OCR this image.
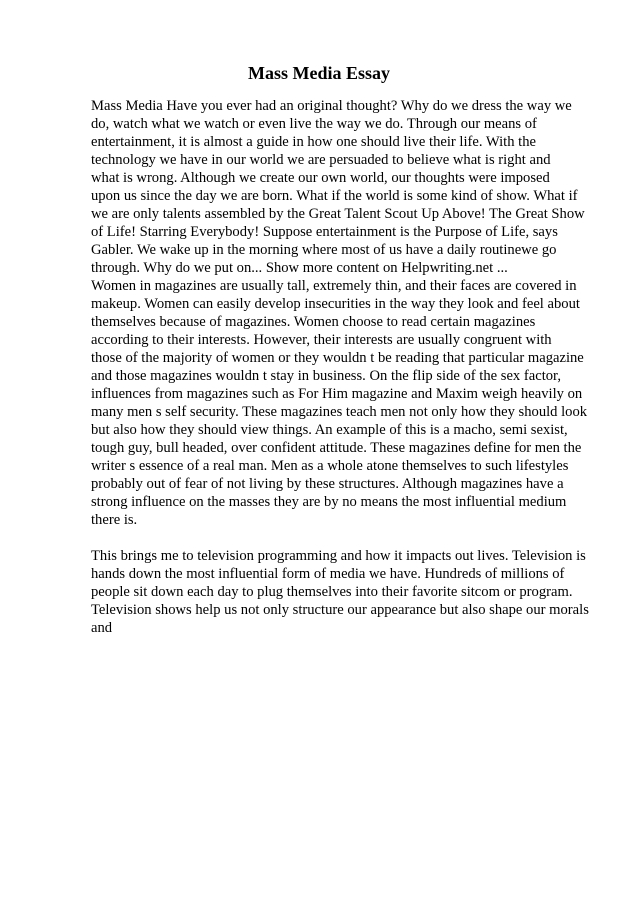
Mass Media Essay
Mass Media Have you ever had an original thought? Why do we dress the way we
do, watch what we watch or even live the way we do. Through our means of
entertainment, it is almost a guide in how one should live their life. With the
technology we have in our world we are persuaded to believe what is right and
what is wrong. Although we create our own world, our thoughts were imposed
upon us since the day we are born. What if the world is some kind of show. What if
we are only talents assembled by the Great Talent Scout Up Above! The Great Show
of Life! Starring Everybody! Suppose entertainment is the Purpose of Life, says
Gabler. We wake up in the morning where most of us have a daily routinewe go
through. Why do we put on... Show more content on Helpwriting.net ...
Women in magazines are usually tall, extremely thin, and their faces are covered in
makeup. Women can easily develop insecurities in the way they look and feel about
themselves because of magazines. Women choose to read certain magazines
according to their interests. However, their interests are usually congruent with
those of the majority of women or they wouldn t be reading that particular magazine
and those magazines wouldn t stay in business. On the flip side of the sex factor,
influences from magazines such as For Him magazine and Maxim weigh heavily on
many men s self security. These magazines teach men not only how they should look
but also how they should view things. An example of this is a macho, semi sexist,
tough guy, bull headed, over confident attitude. These magazines define for men the
writer s essence of a real man. Men as a whole atone themselves to such lifestyles
probably out of fear of not living by these structures. Although magazines have a
strong influence on the masses they are by no means the most influential medium
there is.
This brings me to television programming and how it impacts out lives. Television is
hands down the most influential form of media we have. Hundreds of millions of
people sit down each day to plug themselves into their favorite sitcom or program.
Television shows help us not only structure our appearance but also shape our morals
and
